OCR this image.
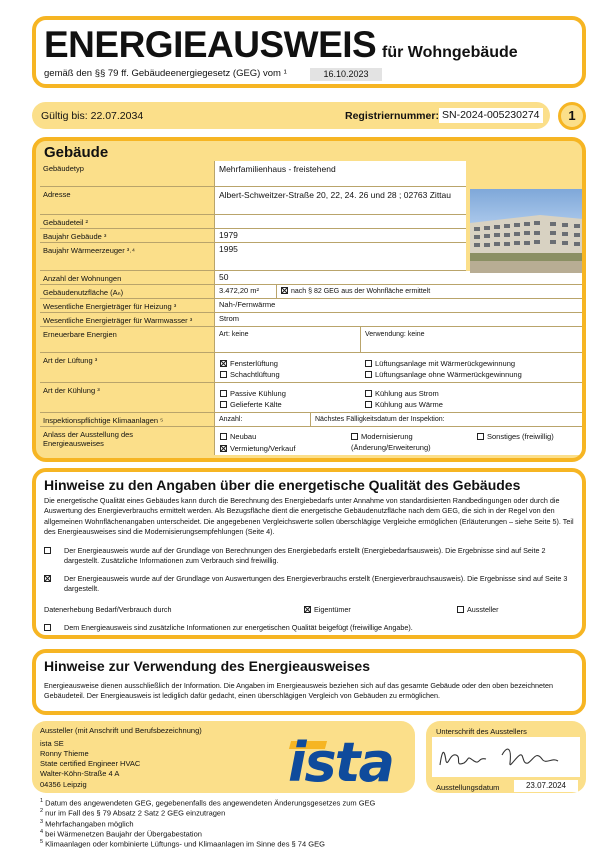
ENERGIEAUSWEIS für Wohngebäude
gemäß den §§ 79 ff. Gebäudeenergiegesetz (GEG) vom ¹	16.10.2023
Gültig bis: 22.07.2034	Registriernummer: SN-2024-005230274	1
Gebäude
Gebäudetyp	Mehrfamilienhaus - freistehend
Adresse	Albert-Schweitzer-Straße 20, 22, 24. 26 und 28 ; 02763 Zittau
Gebäudeteil ²
Baujahr Gebäude ³	1979
Baujahr Wärmeerzeuger ³˒⁴	1995
Anzahl der Wohnungen	50
Gebäudenutzfläche (Aₙ)	3.472,20 m²	nach § 82 GEG aus der Wohnfläche ermittelt
Wesentliche Energieträger für Heizung ³	Nah-/Fernwärme
Wesentliche Energieträger für Warmwasser ³	Strom
Erneuerbare Energien	Art: keine	Verwendung: keine
Art der Lüftung ³	Fensterlüftung
Schachtlüftung
Lüftungsanlage mit Wärmerückgewinnung
Lüftungsanlage ohne Wärmerückgewinnung
Art der Kühlung ³	Passive Kühlung
Gelieferte Kälte
Kühlung aus Strom
Kühlung aus Wärme
Inspektionspflichtige Klimaanlagen ⁵	Anzahl:	Nächstes Fälligkeitsdatum der Inspektion:
Anlass der Ausstellung des Energieausweises
Neubau
Vermietung/Verkauf
Modernisierung (Änderung/Erweiterung)
Sonstiges (freiwillig)
Hinweise zu den Angaben über die energetische Qualität des Gebäudes
Die energetische Qualität eines Gebäudes kann durch die Berechnung des Energiebedarfs unter Annahme von standardisierten Randbedingungen oder durch die Auswertung des Energieverbrauchs ermittelt werden. Als Bezugsfläche dient die energetische Gebäudenutzfläche nach dem GEG, die sich in der Regel von den allgemeinen Wohnflächenangaben unterscheidet. Die angegebenen Vergleichswerte sollen überschlägige Vergleiche ermöglichen (Erläuterungen – siehe Seite 5). Teil des Energieausweises sind die Modernisierungsempfehlungen (Seite 4).
Der Energieausweis wurde auf der Grundlage von Berechnungen des Energiebedarfs erstellt (Energiebedarfsausweis). Die Ergebnisse sind auf Seite 2 dargestellt. Zusätzliche Informationen zum Verbrauch sind freiwillig.
Der Energieausweis wurde auf der Grundlage von Auswertungen des Energieverbrauchs erstellt (Energieverbrauchsausweis). Die Ergebnisse sind auf Seite 3 dargestellt.
Datenerhebung Bedarf/Verbrauch durch	Eigentümer	Aussteller
Dem Energieausweis sind zusätzliche Informationen zur energetischen Qualität beigefügt (freiwillige Angabe).
Hinweise zur Verwendung des Energieausweises
Energieausweise dienen ausschließlich der Information. Die Angaben im Energieausweis beziehen sich auf das gesamte Gebäude oder den oben bezeichneten Gebäudeteil. Der Energieausweis ist lediglich dafür gedacht, einen überschlägigen Vergleich von Gebäuden zu ermöglichen.
Aussteller (mit Anschrift und Berufsbezeichnung)
ista SE
Ronny Thieme
State certified Engineer HVAC
Walter-Köhn-Straße 4 A
04356 Leipzig	ista	Unterschrift des Ausstellers
Ausstellungsdatum	23.07.2024
$^1$ Datum des angewendeten GEG, gegebenenfalls des angewendeten Änderungsgesetzes zum GEG
$^2$ nur im Fall des § 79 Absatz 2 Satz 2 GEG einzutragen
$^3$ Mehrfachangaben möglich
$^4$ bei Wärmenetzen Baujahr der Übergabestation
$^5$ Klimaanlagen oder kombinierte Lüftungs- und Klimaanlagen im Sinne des § 74 GEG
